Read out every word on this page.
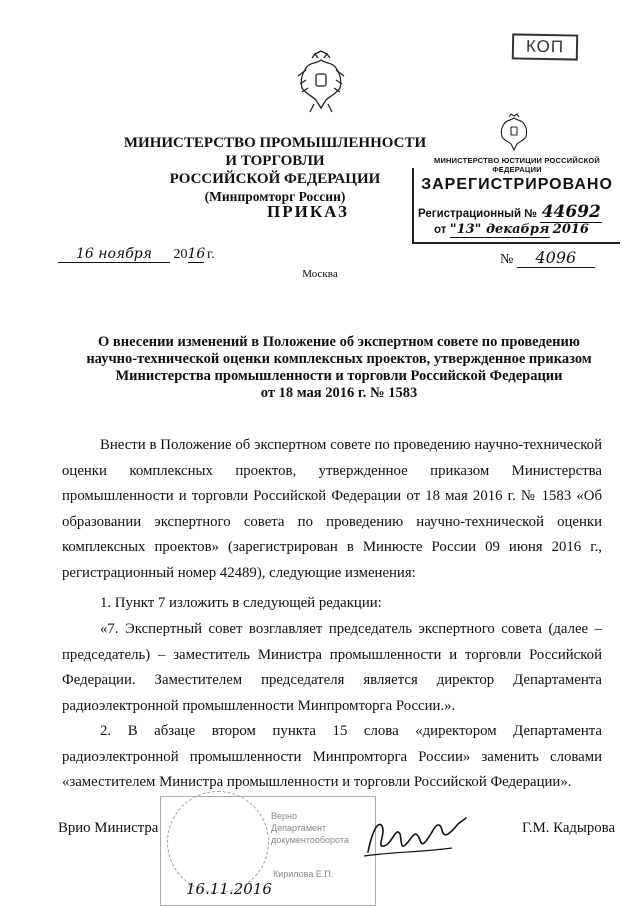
КОП
МИНИСТЕРСТВО ПРОМЫШЛЕННОСТИ И ТОРГОВЛИ
РОССИЙСКОЙ ФЕДЕРАЦИИ
(Минпромторг России)
ПРИКАЗ
16 ноября 2016 г.
Москва
МИНИСТЕРСТВО ЮСТИЦИИ РОССИЙСКОЙ ФЕДЕРАЦИИ
ЗАРЕГИСТРИРОВАНО
Регистрационный № 44692
от "13" декабря 2016
№ 4096
О внесении изменений в Положение об экспертном совете по проведению
научно-технической оценки комплексных проектов, утвержденное приказом
Министерства промышленности и торговли Российской Федерации
от 18 мая 2016 г. № 1583
Внести в Положение об экспертном совете по проведению научно-технической оценки комплексных проектов, утвержденное приказом Министерства промышленности и торговли Российской Федерации от 18 мая 2016 г. № 1583 «Об образовании экспертного совета по проведению научно-технической оценки комплексных проектов» (зарегистрирован в Минюсте России 09 июня 2016 г., регистрационный номер 42489), следующие изменения:
1. Пункт 7 изложить в следующей редакции:
«7. Экспертный совет возглавляет председатель экспертного совета (далее – председатель) – заместитель Министра промышленности и торговли Российской Федерации. Заместителем председателя является директор Департамента радиоэлектронной промышленности Минпромторга России.».
2. В абзаце втором пункта 15 слова «директором Департамента радиоэлектронной промышленности Минпромторга России» заменить словами «заместителем Министра промышленности и торговли Российской Федерации».
Верно
Департамент
документооборота
Кирилова Е.П.
16.11.2016
Врио Министра	Г.М. Кадырова
